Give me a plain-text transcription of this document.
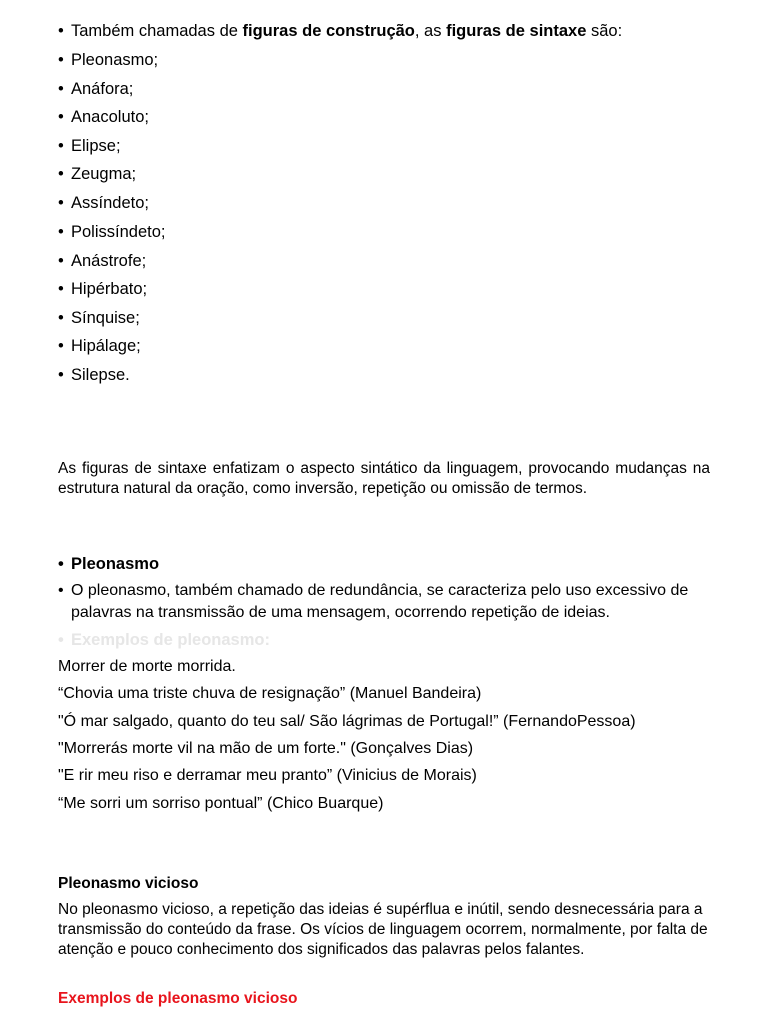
• Também chamadas de figuras de construção, as figuras de sintaxe são:
• Pleonasmo;
• Anáfora;
• Anacoluto;
• Elipse;
• Zeugma;
• Assíndeto;
• Polissíndeto;
• Anástrofe;
• Hipérbato;
• Sínquise;
• Hipálage;
• Silepse.
As figuras de sintaxe enfatizam o aspecto sintático da linguagem, provocando mudanças na estrutura natural da oração, como inversão, repetição ou omissão de termos.
• Pleonasmo
• O pleonasmo, também chamado de redundância, se caracteriza pelo uso excessivo de palavras na transmissão de uma mensagem, ocorrendo repetição de ideias.
• Exemplos de pleonasmo:
Morrer de morte morrida.
“Chovia uma triste chuva de resignação” (Manuel Bandeira)
"Ó mar salgado, quanto do teu sal/ São lágrimas de Portugal!” (FernandoPessoa)
"Morrerás morte vil na mão de um forte." (Gonçalves Dias)
"E rir meu riso e derramar meu pranto” (Vinicius de Morais)
“Me sorri um sorriso pontual” (Chico Buarque)
Pleonasmo vicioso
No pleonasmo vicioso, a repetição das ideias é supérflua e inútil, sendo desnecessária para a transmissão do conteúdo da frase. Os vícios de linguagem ocorrem, normalmente, por falta de atenção e pouco conhecimento dos significados das palavras pelos falantes.
Exemplos de pleonasmo vicioso
